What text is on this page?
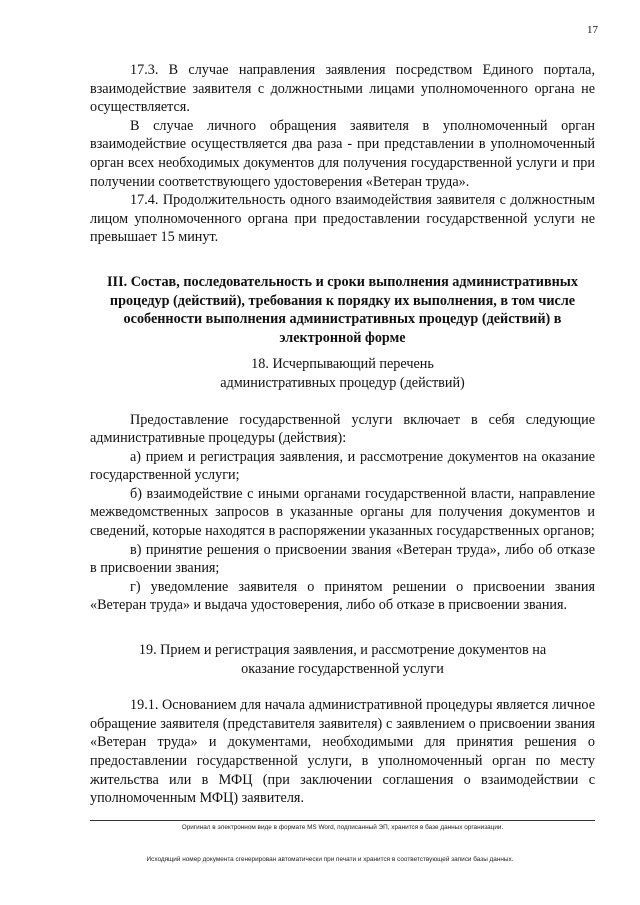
17

17.3. В случае направления заявления посредством Единого портала, взаимодействие заявителя с должностными лицами уполномоченного органа не осуществляется.

В случае личного обращения заявителя в уполномоченный орган взаимодействие осуществляется два раза - при представлении в уполномоченный орган всех необходимых документов для получения государственной услуги и при получении соответствующего удостоверения «Ветеран труда».

17.4. Продолжительность одного взаимодействия заявителя с должностным лицом уполномоченного органа при предоставлении государственной услуги не превышает 15 минут.

III. Состав, последовательность и сроки выполнения административных процедур (действий), требования к порядку их выполнения, в том числе особенности выполнения административных процедур (действий) в электронной форме

18. Исчерпывающий перечень

административных процедур (действий)

Предоставление государственной услуги включает в себя следующие административные процедуры (действия):

а) прием и регистрация заявления, и рассмотрение документов на оказание государственной услуги;

б) взаимодействие с иными органами государственной власти, направление межведомственных запросов в указанные органы для получения документов и сведений, которые находятся в распоряжении указанных государственных органов;

в) принятие решения о присвоении звания «Ветеран труда», либо об отказе в присвоении звания;

г) уведомление заявителя о принятом решении о присвоении звания «Ветеран труда» и выдача удостоверения, либо об отказе в присвоении звания.

19. Прием и регистрация заявления, и рассмотрение документов на

оказание государственной услуги

19.1. Основанием для начала административной процедуры является личное обращение заявителя (представителя заявителя) с заявлением о присвоении звания «Ветеран труда» и документами, необходимыми для принятия решения о предоставлении государственной услуги, в уполномоченный орган по месту жительства или в МФЦ (при заключении соглашения о взаимодействии с уполномоченным МФЦ) заявителя.

Оригинал в электронном виде в формате MS Word, подписанный ЭП, хранится в базе данных организации.
Исходящий номер документа сгенерирован автоматически при печати и хранится в соответствующей записи базы данных.
